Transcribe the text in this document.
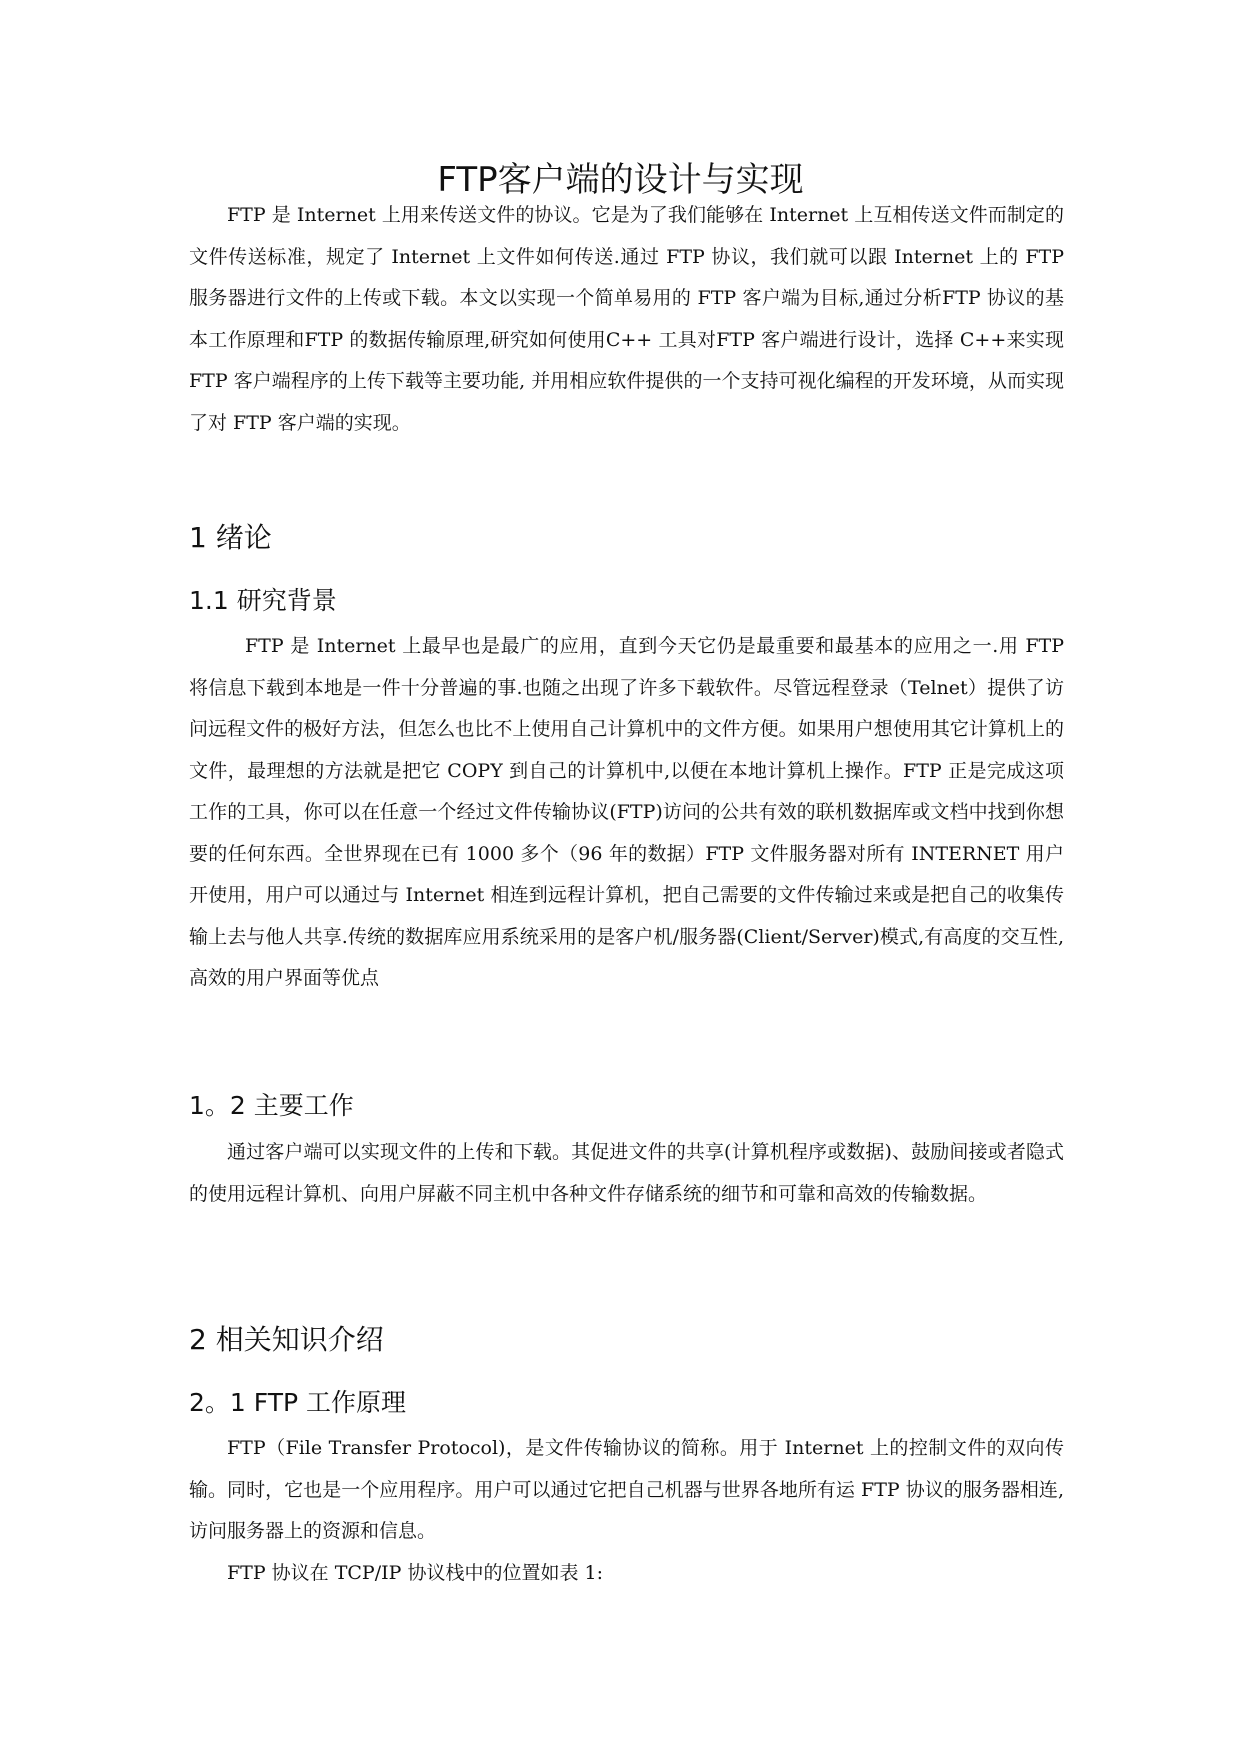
FTP客户端的设计与实现

FTP 是 Internet 上用来传送文件的协议。它是为了我们能够在 Internet 上互相传送文件而制定的文件传送标准，规定了 Internet 上文件如何传送.通过 FTP 协议，我们就可以跟 Internet 上的 FTP 服务器进行文件的上传或下载。本文以实现一个简单易用的 FTP 客户端为目标,通过分析FTP 协议的基本工作原理和FTP 的数据传输原理,研究如何使用C++ 工具对FTP 客户端进行设计，选择 C++来实现 FTP 客户端程序的上传下载等主要功能, 并用相应软件提供的一个支持可视化编程的开发环境，从而实现了对 FTP 客户端的实现。

1 绪论
1.1 研究背景

FTP 是 Internet 上最早也是最广的应用，直到今天它仍是最重要和最基本的应用之一.用 FTP 将信息下载到本地是一件十分普遍的事.也随之出现了许多下载软件。尽管远程登录（Telnet）提供了访问远程文件的极好方法，但怎么也比不上使用自己计算机中的文件方便。如果用户想使用其它计算机上的文件，最理想的方法就是把它 COPY 到自己的计算机中,以便在本地计算机上操作。FTP 正是完成这项工作的工具，你可以在任意一个经过文件传输协议(FTP)访问的公共有效的联机数据库或文档中找到你想要的任何东西。全世界现在已有 1000 多个（96 年的数据）FTP 文件服务器对所有 INTERNET 用户开使用，用户可以通过与 Internet 相连到远程计算机，把自己需要的文件传输过来或是把自己的收集传输上去与他人共享.传统的数据库应用系统采用的是客户机/服务器(Client/Server)模式,有高度的交互性,高效的用户界面等优点

1。2 主要工作

通过客户端可以实现文件的上传和下载。其促进文件的共享(计算机程序或数据)、鼓励间接或者隐式的使用远程计算机、向用户屏蔽不同主机中各种文件存储系统的细节和可靠和高效的传输数据。

2 相关知识介绍
2。1 FTP 工作原理

FTP（File Transfer Protocol)，是文件传输协议的简称。用于 Internet 上的控制文件的双向传输。同时，它也是一个应用程序。用户可以通过它把自己机器与世界各地所有运 FTP 协议的服务器相连,访问服务器上的资源和信息。

FTP 协议在 TCP/IP 协议栈中的位置如表 1:
